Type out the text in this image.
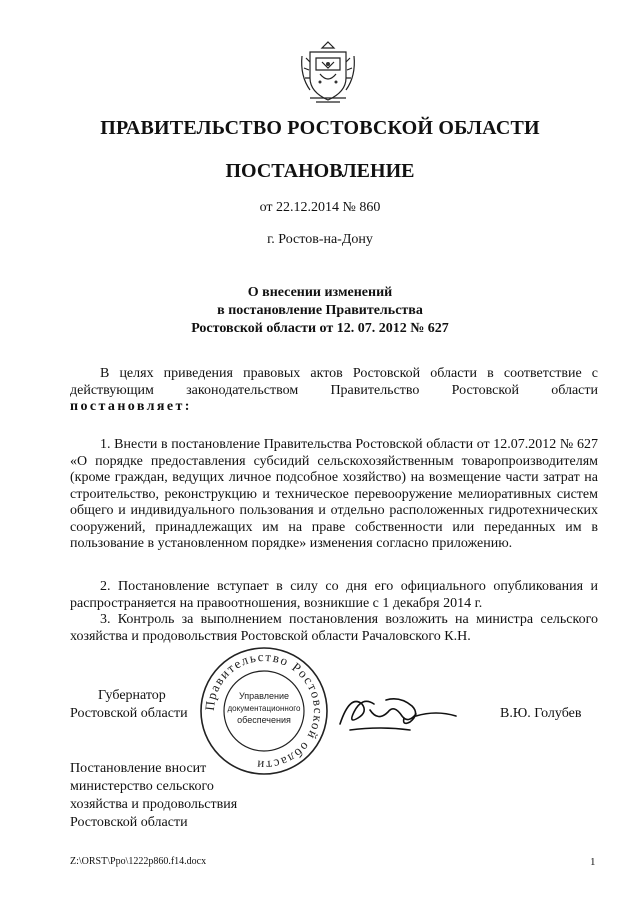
ПРАВИТЕЛЬСТВО РОСТОВСКОЙ ОБЛАСТИ
ПОСТАНОВЛЕНИЕ
от 22.12.2014 № 860
г. Ростов-на-Дону
О внесении изменений
в постановление Правительства
Ростовской области от 12. 07. 2012 № 627
В целях приведения правовых актов Ростовской области в соответствие с действующим законодательством Правительство Ростовской области
постановляет:
1. Внести в постановление Правительства Ростовской области от 12.07.2012 № 627 «О порядке предоставления субсидий сельскохозяйственным товаропроизводителям (кроме граждан, ведущих личное подсобное хозяйство) на возмещение части затрат на строительство, реконструкцию и техническое перевооружение мелиоративных систем общего и индивидуального пользования и отдельно расположенных гидротехнических сооружений, принадлежащих им на праве собственности или переданных им в пользование в установленном порядке» изменения согласно приложению.
2. Постановление вступает в силу со дня его официального опубликования и распространяется на правоотношения, возникшие с 1 декабря 2014 г.
3. Контроль за выполнением постановления возложить на министра сельского хозяйства и продовольствия Ростовской области Рачаловского К.Н.
Губернатор
Ростовской области
Правительство Ростовской области
Управление
документационного
обеспечения	В.Ю. Голубев
Постановление вносит
министерство сельского
хозяйства и продовольствия
Ростовской области
Z:\ORST\Ppo\1222p860.f14.docx	1
